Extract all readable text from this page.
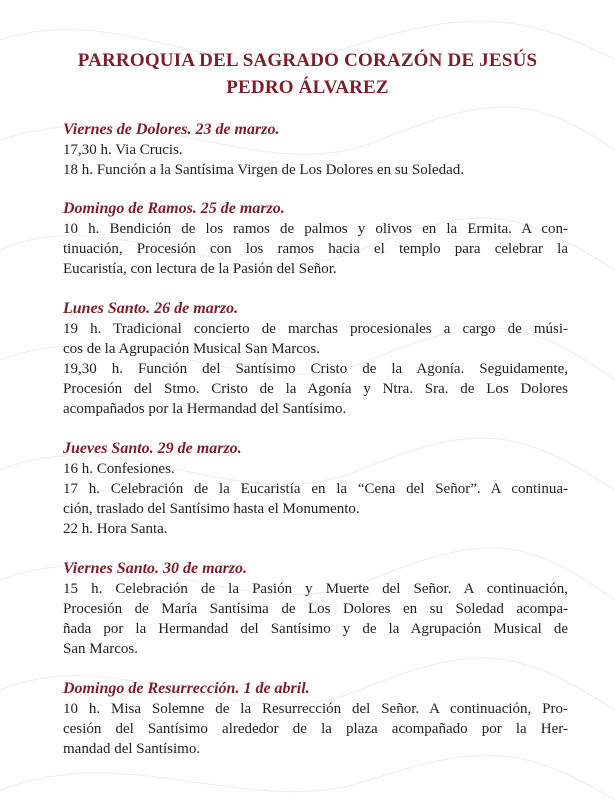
PARROQUIA DEL SAGRADO CORAZÓN DE JESÚS
PEDRO ÁLVAREZ
Viernes de Dolores. 23 de marzo.
17,30 h. Via Crucis.
18 h. Función a la Santísima Virgen de Los Dolores en su Soledad.
Domingo de Ramos. 25 de marzo.
10 h. Bendición de los ramos de palmos y olivos en la Ermita. A con-
tinuación, Procesión con los ramos hacia el templo para celebrar la
Eucaristía, con lectura de la Pasión del Señor.
Lunes Santo. 26 de marzo.
19 h. Tradicional concierto de marchas procesionales a cargo de músi-
cos de la Agrupación Musical San Marcos.
19,30 h. Función del Santísimo Cristo de la Agonía. Seguidamente,
Procesión del Stmo. Cristo de la Agonía y Ntra. Sra. de Los Dolores
acompañados por la Hermandad del Santísimo.
Jueves Santo. 29 de marzo.
16 h. Confesiones.
17 h. Celebración de la Eucaristía en la “Cena del Señor”. A continua-
ción, traslado del Santísimo hasta el Monumento.
22 h. Hora Santa.
Viernes Santo. 30 de marzo.
15 h. Celebración de la Pasión y Muerte del Señor. A continuación,
Procesión de María Santísima de Los Dolores en su Soledad acompa-
ñada por la Hermandad del Santísimo y de la Agrupación Musical de
San Marcos.
Domingo de Resurrección. 1 de abril.
10 h. Misa Solemne de la Resurrección del Señor. A continuación, Pro-
cesión del Santísimo alrededor de la plaza acompañado por la Her-
mandad del Santísimo.
